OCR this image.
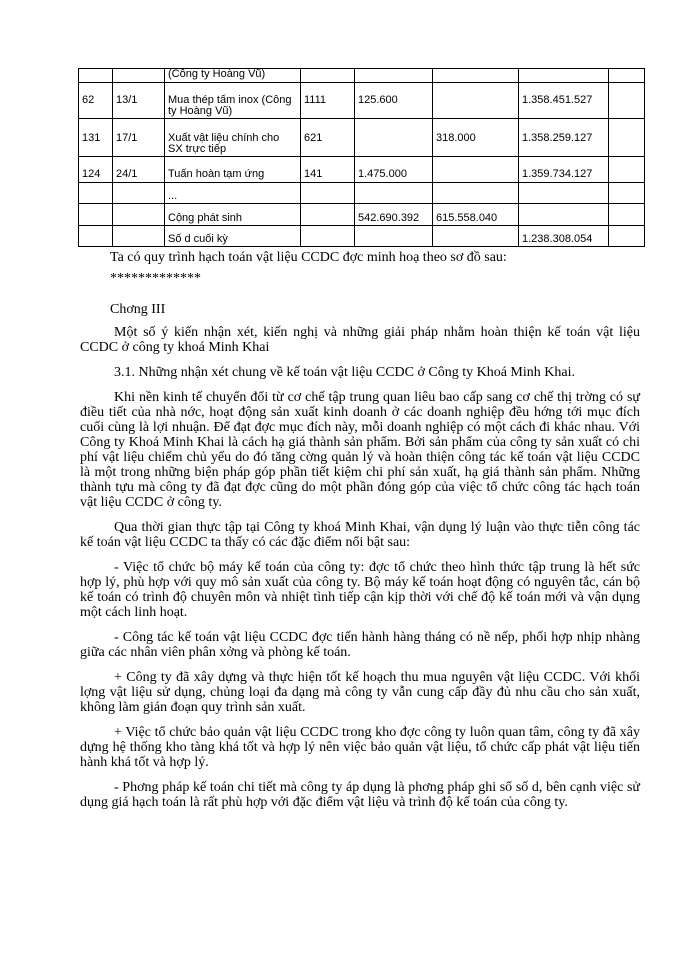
		(Công ty Hoàng Vũ)					
62	13/1	Mua thép tấm inox (Công ty Hoàng Vũ)	1111	125.600		1.358.451.527	
131	17/1	Xuất vật liệu chính cho SX trực tiếp	621		318.000	1.358.259.127	
124	24/1	Tuấn hoàn tạm ứng	141	1.475.000		1.359.734.127	
		...					
		Cộng phát sinh		542.690.392	615.558.040		
		Số d cuối kỳ				1.238.308.054	

Ta có quy trình hạch toán vật liệu CCDC đợc minh hoạ theo sơ đồ sau:

*************

Chơng III

Một số ý kiến nhận xét, kiến nghị và những giải pháp nhằm hoàn thiện kế toán vật liệu CCDC ở công ty khoá Minh Khai

3.1. Những nhận xét chung về kế toán vật liệu CCDC ở Công ty Khoá Minh Khai.

Khi nền kinh tế chuyển đổi từ cơ chế tập trung quan liêu bao cấp sang cơ chế thị trờng có sự điều tiết của nhà nớc, hoạt động sản xuất kinh doanh ở các doanh nghiệp đều hớng tới mục đích cuối cùng là lợi nhuận. Để đạt đợc mục đích này, mỗi doanh nghiệp có một cách đi khác nhau. Với Công ty Khoá Minh Khai là cách hạ giá thành sản phẩm. Bởi sản phẩm của công ty sản xuất có chi phí vật liệu chiếm chủ yếu do đó tăng cờng quản lý và hoàn thiện công tác kế toán vật liệu CCDC là một trong những biện pháp góp phần tiết kiệm chi phí sản xuất, hạ giá thành sản phẩm. Những thành tựu mà công ty đã đạt đợc cũng do một phần đóng góp của việc tổ chức công tác hạch toán vật liệu CCDC ở công ty.

Qua thời gian thực tập tại Công ty khoá Minh Khai, vận dụng lý luận vào thực tiễn công tác kế toán vật liệu CCDC ta thấy có các đặc điểm nổi bật sau:

- Việc tổ chức bộ máy kế toán của công ty: đợc tổ chức theo hình thức tập trung là hết sức hợp lý, phù hợp với quy mô sản xuất của công ty. Bộ máy kế toán hoạt động có nguyên tắc, cán bộ kế toán có trình độ chuyên môn và nhiệt tình tiếp cận kịp thời với chế độ kế toán mới và vận dụng một cách linh hoạt.

- Công tác kế toán vật liệu CCDC đợc tiến hành hàng tháng có nề nếp, phối hợp nhịp nhàng giữa các nhân viên phân xởng và phòng kế toán.

+ Công ty đã xây dựng và thực hiện tốt kế hoạch thu mua nguyên vật liệu CCDC. Với khối lợng vật liệu sử dụng, chủng loại đa dạng mà công ty vẫn cung cấp đầy đủ nhu cầu cho sản xuất, không làm gián đoạn quy trình sản xuất.

+ Việc tổ chức bảo quản vật liệu CCDC trong kho đợc công ty luôn quan tâm, công ty đã xây dựng hệ thống kho tàng khá tốt và hợp lý nên việc bảo quản vật liệu, tổ chức cấp phát vật liệu tiến hành khá tốt và hợp lý.

- Phơng pháp kế toán chi tiết mà công ty áp dụng là phơng pháp ghi sổ số d, bên cạnh việc sử dụng giá hạch toán là rất phù hợp với đặc điểm vật liệu và trình độ kế toán của công ty.
